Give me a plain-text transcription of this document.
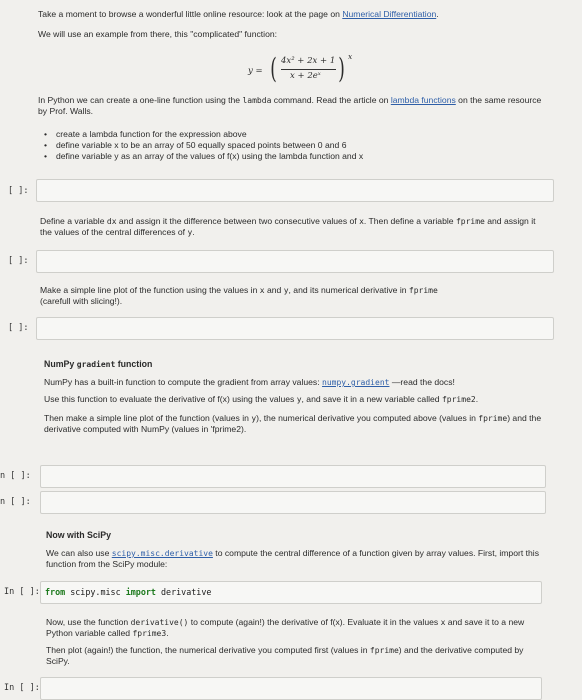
Take a moment to browse a wonderful little online resource: look at the page on Numerical Differentiation.
We will use an example from there, this "complicated" function:
y = ( 4x² + 2x + 1
x + 2eˣ ) x
In Python we can create a one-line function using the lambda command. Read the article on lambda functions on the same resource by Prof. Walls.
• create a lambda function for the expression above
• define variable x to be an array of 50 equally spaced points between 0 and 6
• define variable y as an array of the values of f(x) using the lambda function and x
[ ]:
Define a variable dx and assign it the difference between two consecutive values of x. Then define a variable fprime and assign it the values of the central differences of y.
[ ]:
Make a simple line plot of the function using the values in x and y, and its numerical derivative in fprime
(carefull with slicing!).
[ ]:
NumPy gradient function
NumPy has a built-in function to compute the gradient from array values: numpy.gradient —read the docs!
Use this function to evaluate the derivative of f(x) using the values y, and save it in a new variable called fprime2.
Then make a simple line plot of the function (values in y), the numerical derivative you computed above (values in fprime) and the derivative computed with NumPy (values in 'fprime2).
n [ ]:
n [ ]:
Now with SciPy
We can also use scipy.misc.derivative to compute the central difference of a function given by array values. First, import this function from the SciPy module:
In [ ]: from scipy.misc import derivative
Now, use the function derivative() to compute (again!) the derivative of f(x). Evaluate it in the values x and save it to a new Python variable called fprime3.
Then plot (again!) the function, the numerical derivative you computed first (values in fprime) and the derivative computed by SciPy.
In [ ]:
